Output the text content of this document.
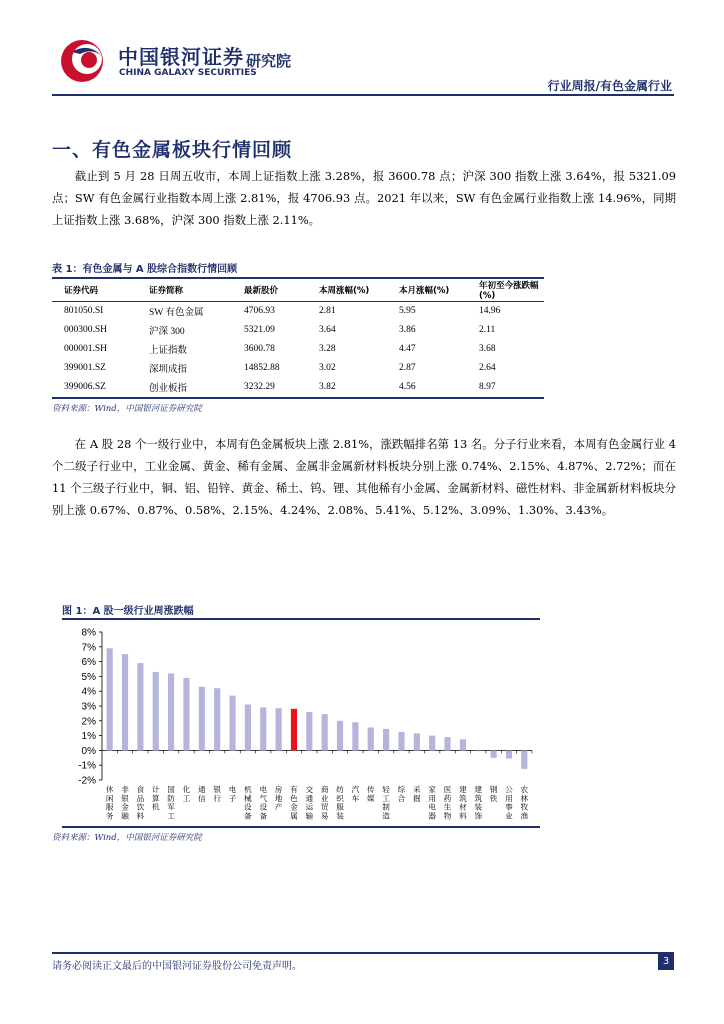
中国银河证券
CHINA GALAXY SECURITIES
研究院
行业周报/有色金属行业
一、有色金属板块行情回顾

截止到 5 月 28 日周五收市，本周上证指数上涨 3.28%，报 3600.78 点；沪深 300 指数上涨 3.64%，报 5321.09 点；SW 有色金属行业指数本周上涨 2.81%，报 4706.93 点。2021 年以来，SW 有色金属行业指数上涨 14.96%，同期上证指数上涨 3.68%，沪深 300 指数上涨 2.11%。

表 1：有色金属与 A 股综合指数行情回顾
证券代码	证券简称	最新股价	本周涨幅(%)	本月涨幅(%)	年初至今涨跌幅(%)
801050.SI	SW 有色金属	4706.93	2.81	5.95	14.96
000300.SH	沪深 300	5321.09	3.64	3.86	2.11
000001.SH	上证指数	3600.78	3.28	4.47	3.68
399001.SZ	深圳成指	14852.88	3.02	2.87	2.64
399006.SZ	创业板指	3232.29	3.82	4.56	8.97
资料来源：Wind，中国银河证券研究院

在 A 股 28 个一级行业中，本周有色金属板块上涨 2.81%，涨跌幅排名第 13 名。分子行业来看，本周有色金属行业 4 个二级子行业中，工业金属、黄金、稀有金属、金属非金属新材料板块分别上涨 0.74%、2.15%、4.87%、2.72%；而在 11 个三级子行业中，铜、铝、铅锌、黄金、稀土、钨、锂、其他稀有小金属、金属新材料、磁性材料、非金属新材料板块分别上涨 0.67%、0.87%、0.58%、2.15%、4.24%、2.08%、5.41%、5.12%、3.09%、1.30%、3.43%。

图 1：A 股一级行业周涨跌幅
-2%
-1%
0%
1%
2%
3%
4%
5%
6%
7%
8%
休
闲
服
务
非
银
金
融
食
品
饮
料
计
算
机
国
防
军
工
化
工
通
信
银
行
电
子
机
械
设
备
电
气
设
备
房
地
产
有
色
金
属
交
通
运
输
商
业
贸
易
纺
织
服
装
汽
车
传
媒
轻
工
制
造
综
合
采
掘
家
用
电
器
医
药
生
物
建
筑
材
料
建
筑
装
饰
钢
铁
公
用
事
业
农
林
牧
渔
资料来源：Wind，中国银河证券研究院
请务必阅读正文最后的中国银河证券股份公司免责声明。	3
